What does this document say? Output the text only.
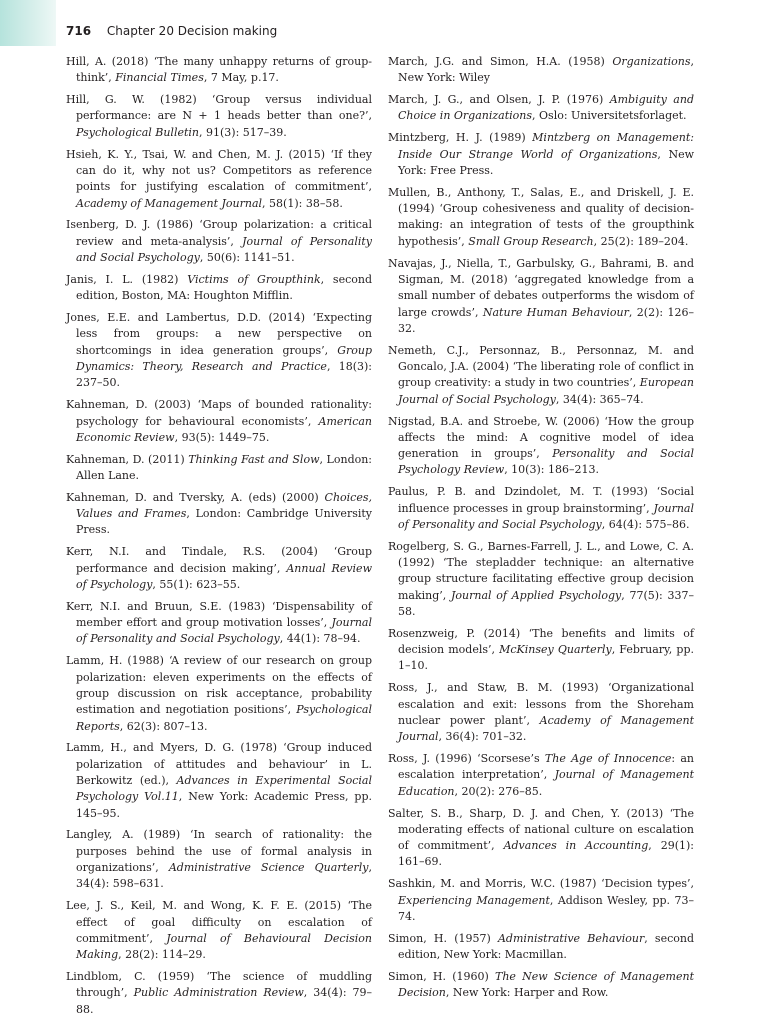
716 Chapter 20 Decision making

Hill, A. (2018) ‘The many unhappy returns of group-think’, Financial Times, 7 May, p.17.

Hill, G. W. (1982) ‘Group versus individual performance: are N + 1 heads better than one?’, Psychological Bulletin, 91(3): 517–39.

Hsieh, K. Y., Tsai, W. and Chen, M. J. (2015) ‘If they can do it, why not us? Competitors as reference points for justifying escalation of commitment’, Academy of Management Journal, 58(1): 38–58.

Isenberg, D. J. (1986) ‘Group polarization: a critical review and meta-analysis’, Journal of Personality and Social Psychology, 50(6): 1141–51.

Janis, I. L. (1982) Victims of Groupthink, second edition, Boston, MA: Houghton Mifflin.

Jones, E.E. and Lambertus, D.D. (2014) ‘Expecting less from groups: a new perspective on shortcomings in idea generation groups’, Group Dynamics: Theory, Research and Practice, 18(3): 237–50.

Kahneman, D. (2003) ‘Maps of bounded rationality: psychology for behavioural economists’, American Economic Review, 93(5): 1449–75.

Kahneman, D. (2011) Thinking Fast and Slow, London: Allen Lane.

Kahneman, D. and Tversky, A. (eds) (2000) Choices, Values and Frames, London: Cambridge University Press.

Kerr, N.I. and Tindale, R.S. (2004) ‘Group performance and decision making’, Annual Review of Psychology, 55(1): 623–55.

Kerr, N.I. and Bruun, S.E. (1983) ‘Dispensability of member effort and group motivation losses’, Journal of Personality and Social Psychology, 44(1): 78–94.

Lamm, H. (1988) ‘A review of our research on group polarization: eleven experiments on the effects of group discussion on risk acceptance, probability estimation and negotiation positions’, Psychological Reports, 62(3): 807–13.

Lamm, H., and Myers, D. G. (1978) ‘Group induced polarization of attitudes and behaviour’ in L. Berkowitz (ed.), Advances in Experimental Social Psychology Vol.11, New York: Academic Press, pp. 145–95.

Langley, A. (1989) ‘In search of rationality: the purposes behind the use of formal analysis in organizations’, Administrative Science Quarterly, 34(4): 598–631.

Lee, J. S., Keil, M. and Wong, K. F. E. (2015) ‘The effect of goal difficulty on escalation of commitment’, Journal of Behavioural Decision Making, 28(2): 114–29.

Lindblom, C. (1959) ‘The science of muddling through’, Public Administration Review, 34(4): 79–88.

March, J.G. and Simon, H.A. (1958) Organizations, New York: Wiley

March, J. G., and Olsen, J. P. (1976) Ambiguity and Choice in Organizations, Oslo: Universitetsforlaget.

Mintzberg, H. J. (1989) Mintzberg on Management: Inside Our Strange World of Organizations, New York: Free Press.

Mullen, B., Anthony, T., Salas, E., and Driskell, J. E. (1994) ‘Group cohesiveness and quality of decision-making: an integration of tests of the groupthink hypothesis’, Small Group Research, 25(2): 189–204.

Navajas, J., Niella, T., Garbulsky, G., Bahrami, B. and Sigman, M. (2018) ‘aggregated knowledge from a small number of debates outperforms the wisdom of large crowds’, Nature Human Behaviour, 2(2): 126–32.

Nemeth, C.J., Personnaz, B., Personnaz, M. and Goncalo, J.A. (2004) ‘The liberating role of conflict in group creativity: a study in two countries’, European Journal of Social Psychology, 34(4): 365–74.

Nigstad, B.A. and Stroebe, W. (2006) ‘How the group affects the mind: A cognitive model of idea generation in groups’, Personality and Social Psychology Review, 10(3): 186–213.

Paulus, P. B. and Dzindolet, M. T. (1993) ‘Social influence processes in group brainstorming’, Journal of Personality and Social Psychology, 64(4): 575–86.

Rogelberg, S. G., Barnes-Farrell, J. L., and Lowe, C. A. (1992) ‘The stepladder technique: an alternative group structure facilitating effective group decision making’, Journal of Applied Psychology, 77(5): 337–58.

Rosenzweig, P. (2014) ‘The benefits and limits of decision models’, McKinsey Quarterly, February, pp. 1–10.

Ross, J., and Staw, B. M. (1993) ‘Organizational escalation and exit: lessons from the Shoreham nuclear power plant’, Academy of Management Journal, 36(4): 701–32.

Ross, J. (1996) ‘Scorsese’s The Age of Innocence: an escalation interpretation’, Journal of Management Education, 20(2): 276–85.

Salter, S. B., Sharp, D. J. and Chen, Y. (2013) ‘The moderating effects of national culture on escalation of commitment’, Advances in Accounting, 29(1): 161–69.

Sashkin, M. and Morris, W.C. (1987) ‘Decision types’, Experiencing Management, Addison Wesley, pp. 73–74.

Simon, H. (1957) Administrative Behaviour, second edition, New York: Macmillan.

Simon, H. (1960) The New Science of Management Decision, New York: Harper and Row.
